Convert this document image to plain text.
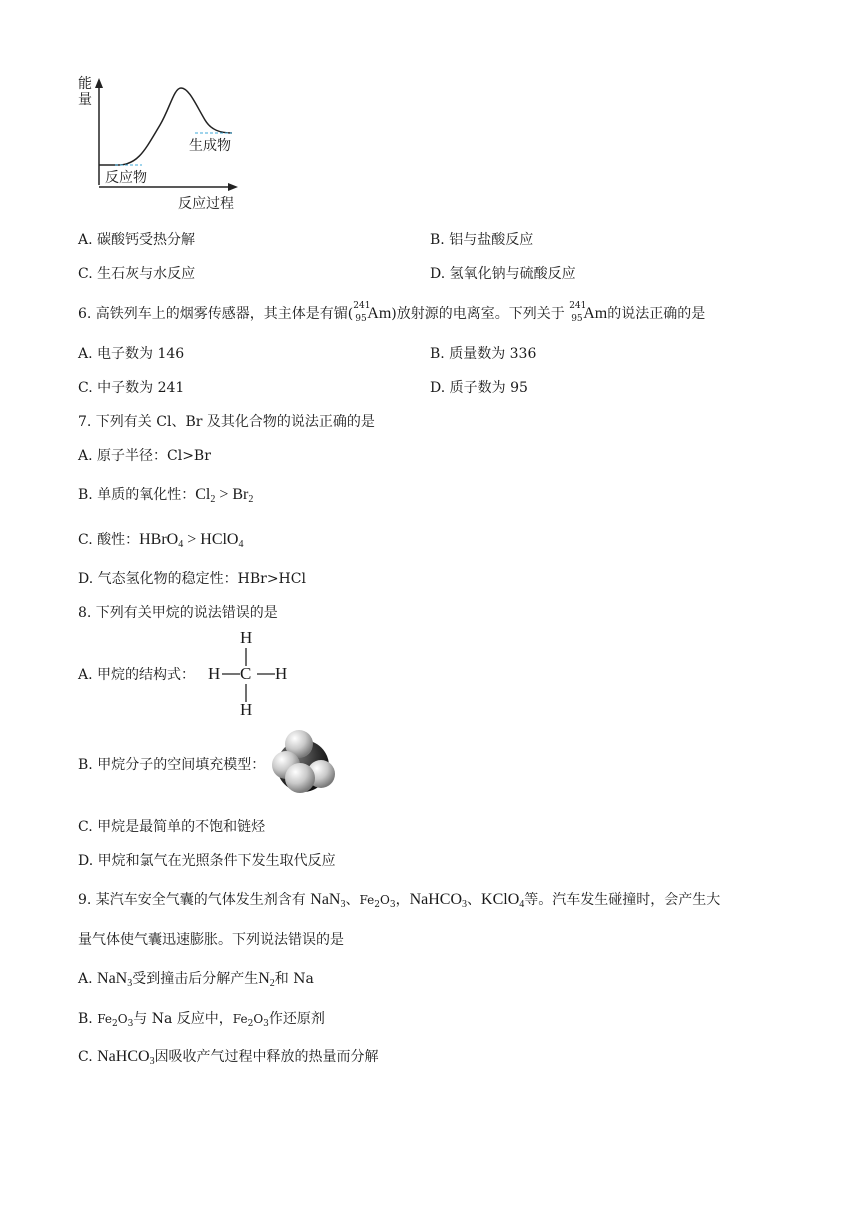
能量
生成物
反应物
反应过程
A. 碳酸钙受热分解	B. 铝与盐酸反应
C. 生石灰与水反应	D. 氢氧化钠与硫酸反应
6. 高铁列车上的烟雾传感器，其主体是有镅( 241
95 Am)放射源的电离室。下列关于 241
95 Am的说法正确的是
A. 电子数为 146	B. 质量数为 336
C. 中子数为 241	D. 质子数为 95
7. 下列有关 Cl、Br 及其化合物的说法正确的是
A. 原子半径：Cl>Br
B. 单质的氧化性：$Cl_2 > Br_2$
C. 酸性：HBrO$_4$ > HClO$_4$
D. 气态氢化物的稳定性：HBr>HCl
8. 下列有关甲烷的说法错误的是
A. 甲烷的结构式：
H
H C H
H
B. 甲烷分子的空间填充模型：
C. 甲烷是最简单的不饱和链烃
D. 甲烷和氯气在光照条件下发生取代反应
9. 某汽车安全气囊的气体发生剂含有 NaN$_3$、$Fe_2O_3$，NaHCO$_3$、KClO$_4$等。汽车发生碰撞时，会产生大
量气体使气囊迅速膨胀。下列说法错误的是
A. NaN$_3$受到撞击后分解产生$N_2$和 Na
B. $Fe_2O_3$与 Na 反应中，$Fe_2O_3$作还原剂
C. NaHCO$_3$因吸收产气过程中释放的热量而分解
